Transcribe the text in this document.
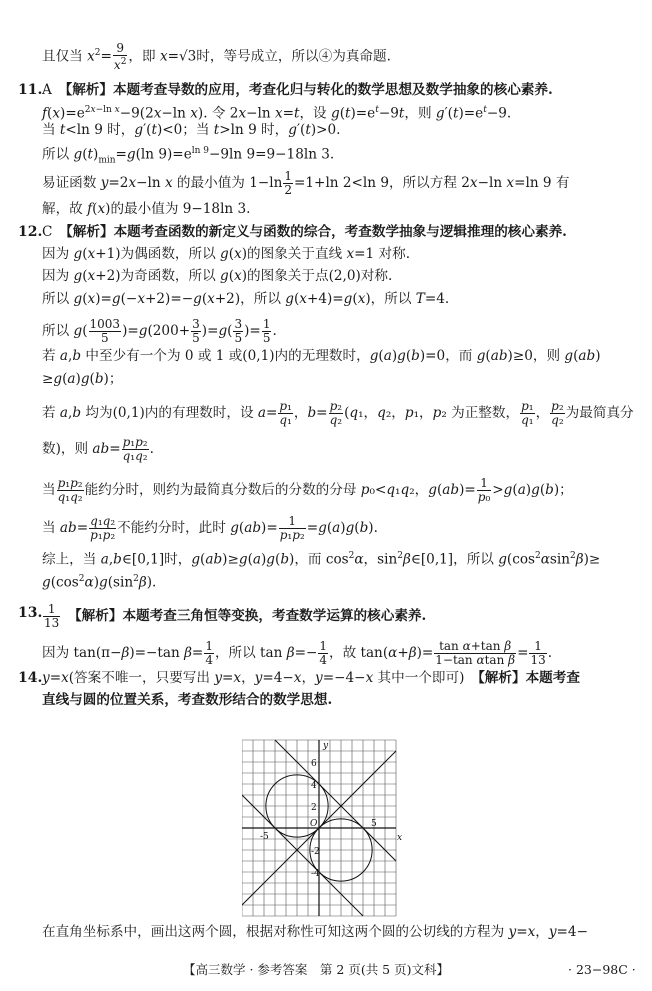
且仅当 $x^2= \frac{9}{x^2}$ ，即 x=√3时，等号成立，所以④为真命题.
11. A　【解析】本题考查导数的应用，考查化归与转化的数学思想及数学抽象的核心素养.
$f(x)=e^{2x-ln x}-9(2x-\ln$ x). 令 2x−ln x=t，设 $g(t)=e^t-9t$，则 $g'(t)=e^t-9$.
当 t<ln 9 时，g′(t)<0；当 t>ln 9 时，g′(t)>0.
所以 $g(t)_{min}=g(\ln$ $9)=e^{ln 9}-9\ln$ 9=9−18ln 3.
易证函数 y=2x−ln x 的最小值为 $1-\ln \frac{1}{2} =1+\ln$ 2<ln 9，所以方程 2x−ln x=ln 9 有
解，故 f(x)的最小值为 9−18ln 3.
12. C　【解析】本题考查函数的新定义与函数的综合，考查数学抽象与逻辑推理的核心素养.
因为 g(x+1)为偶函数，所以 g(x)的图象关于直线 x=1 对称.
因为 g(x+2)为奇函数，所以 g(x)的图象关于点(2,0)对称.
所以 g(x)=g(−x+2)=−g(x+2)，所以 g(x+4)=g(x)，所以 T=4.
所以 $g( \frac{1003}{5} )=g(200+ \frac{3}{5} )=g( \frac{3}{5}$ )= $\frac{1}{5}$ .
若 a,b 中至少有一个为 0 或 1 或(0,1)内的无理数时，g(a)g(b)=0，而 g(ab)≥0，则 g(ab)
≥g(a)g(b)；
若 a,b 均为(0,1)内的有理数时，设 $a= \frac{\text{p₁}}{\text{q₁}}$ ，$b= \frac{\text{p₂}}{\text{q₂}} (q_1$，q₂，p₁，p₂ 为正整数， $\frac{\text{p₁}}{\text{q₁}}$ ， $\frac{\text{p₂}}{\text{q₂}}$ 为最简真分
数)，则 $ab= \frac{\text{p₁p₂}}{\text{q₁q₂}}$ .
当 $\frac{\text{p₁p₂}}{\text{q₁q₂}}$ 能约分时，则约为最简真分数后的分数的分母 p₀<q₁q₂，$g(ab)= \frac{1}{\text{p₀}} >g(a)g(b)$；
当 $ab= \frac{\text{q₁q₂}}{\text{p₁p₂}}$ 不能约分时，此时 $g(ab)= \frac{1}{\text{p₁p₂}} =g(a)g(b)$.
综上，当 a,b∈[0,1]时，g(ab)≥g(a)g(b)，而 $\cos^2\alpha$，$\sin^2\beta\in[0,1]$，所以 $g(\cos^2\alpha\sin^2\beta)\ge$
$g(\cos^2\alpha)g(\sin^2\beta)$.
13. $\frac{1}{13}$
　 【解析】本题考查三角恒等变换，考查数学运算的核心素养.
因为 tan(π−β)=−tan $\beta= \frac{1}{4}$ ，所以 $\tan \beta=- \frac{1}{4}$ ，故 $\tan(\alpha+\beta)= \frac{\text{tan α+tan β}}{\text{1−tan αtan β}} = \frac{1}{13}$ .
14. y=x(答案不唯一，只要写出 y=x，y=4−x，y=−4−x 其中一个即可)　【解析】本题考查
直线与圆的位置关系，考查数形结合的数学思想.
x
y
O
-5
5
6
4
2
-2
-4
在直角坐标系中，画出这两个圆，根据对称性可知这两个圆的公切线的方程为 y=x，y=4−
【高三数学 · 参考答案　第 2 页(共 5 页)文科】	· 23−98C ·
